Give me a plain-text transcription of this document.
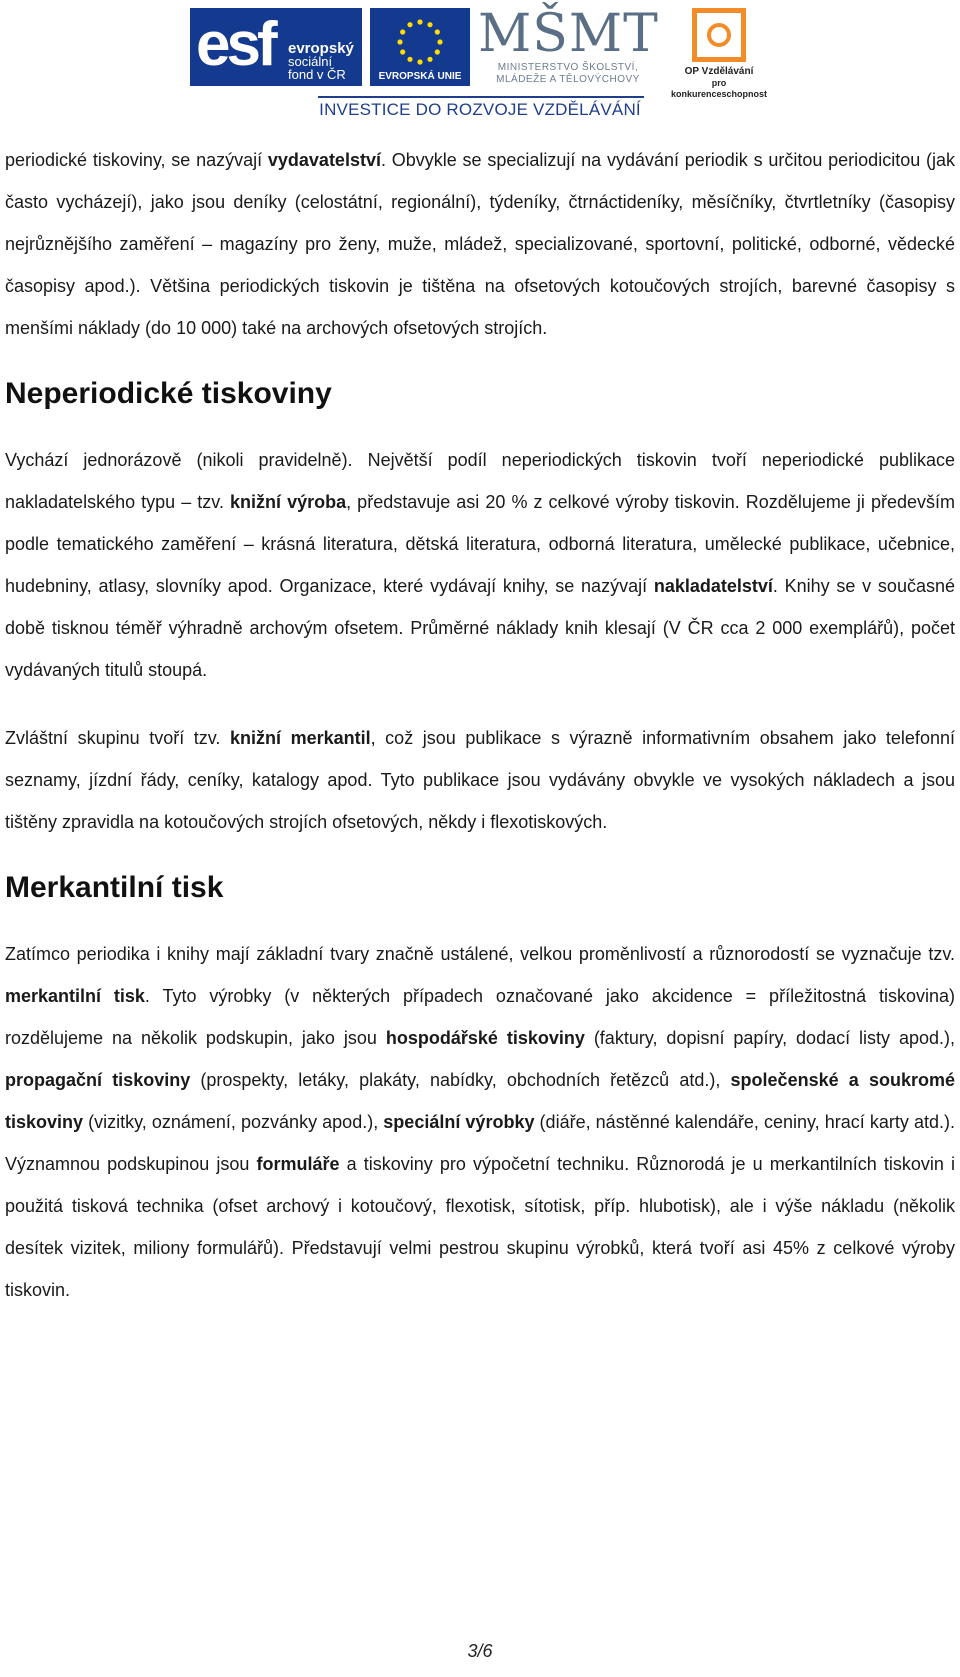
esf evropský
sociální
fond v ČR	EVROPSKÁ UNIE
MŠMT
MINISTERSTVO ŠKOLSTVÍ,
MLÁDEŽE A TĚLOVÝCHOVY
OP Vzdělávání
pro konkurenceschopnost
INVESTICE DO ROZVOJE VZDĚLÁVÁNÍ

periodické tiskoviny, se nazývají vydavatelství. Obvykle se specializují na vydávání periodik s určitou periodicitou (jak často vycházejí), jako jsou deníky (celostátní, regionální), týdeníky, čtrnáctideníky, měsíčníky, čtvrtletníky (časopisy nejrůznějšího zaměření – magazíny pro ženy, muže, mládež, specializované, sportovní, politické, odborné, vědecké časopisy apod.). Většina periodických tiskovin je tištěna na ofsetových kotoučových strojích, barevné časopisy s menšími náklady (do 10 000) také na archových ofsetových strojích.

Neperiodické tiskoviny

Vychází jednorázově (nikoli pravidelně). Největší podíl neperiodických tiskovin tvoří neperiodické publikace nakladatelského typu – tzv. knižní výroba, představuje asi 20 % z celkové výroby tiskovin. Rozdělujeme ji především podle tematického zaměření – krásná literatura, dětská literatura, odborná literatura, umělecké publikace, učebnice, hudebniny, atlasy, slovníky apod. Organizace, které vydávají knihy, se nazývají nakladatelství. Knihy se v současné době tisknou téměř výhradně archovým ofsetem. Průměrné náklady knih klesají (V ČR cca 2 000 exemplářů), počet vydávaných titulů stoupá.

Zvláštní skupinu tvoří tzv. knižní merkantil, což jsou publikace s výrazně informativním obsahem jako telefonní seznamy, jízdní řády, ceníky, katalogy apod. Tyto publikace jsou vydávány obvykle ve vysokých nákladech a jsou tištěny zpravidla na kotoučových strojích ofsetových, někdy i flexotiskových.

Merkantilní tisk

Zatímco periodika i knihy mají základní tvary značně ustálené, velkou proměnlivostí a různorodostí se vyznačuje tzv. merkantilní tisk. Tyto výrobky (v některých případech označované jako akcidence = příležitostná tiskovina) rozdělujeme na několik podskupin, jako jsou hospodářské tiskoviny (faktury, dopisní papíry, dodací listy apod.), propagační tiskoviny (prospekty, letáky, plakáty, nabídky, obchodních řetězců atd.), společenské a soukromé tiskoviny (vizitky, oznámení, pozvánky apod.), speciální výrobky (diáře, nástěnné kalendáře, ceniny, hrací karty atd.). Významnou podskupinou jsou formuláře a tiskoviny pro výpočetní techniku. Různorodá je u merkantilních tiskovin i použitá tisková technika (ofset archový i kotoučový, flexotisk, sítotisk, příp. hlubotisk), ale i výše nákladu (několik desítek vizitek, miliony formulářů). Představují velmi pestrou skupinu výrobků, která tvoří asi 45% z celkové výroby tiskovin.

3/6
